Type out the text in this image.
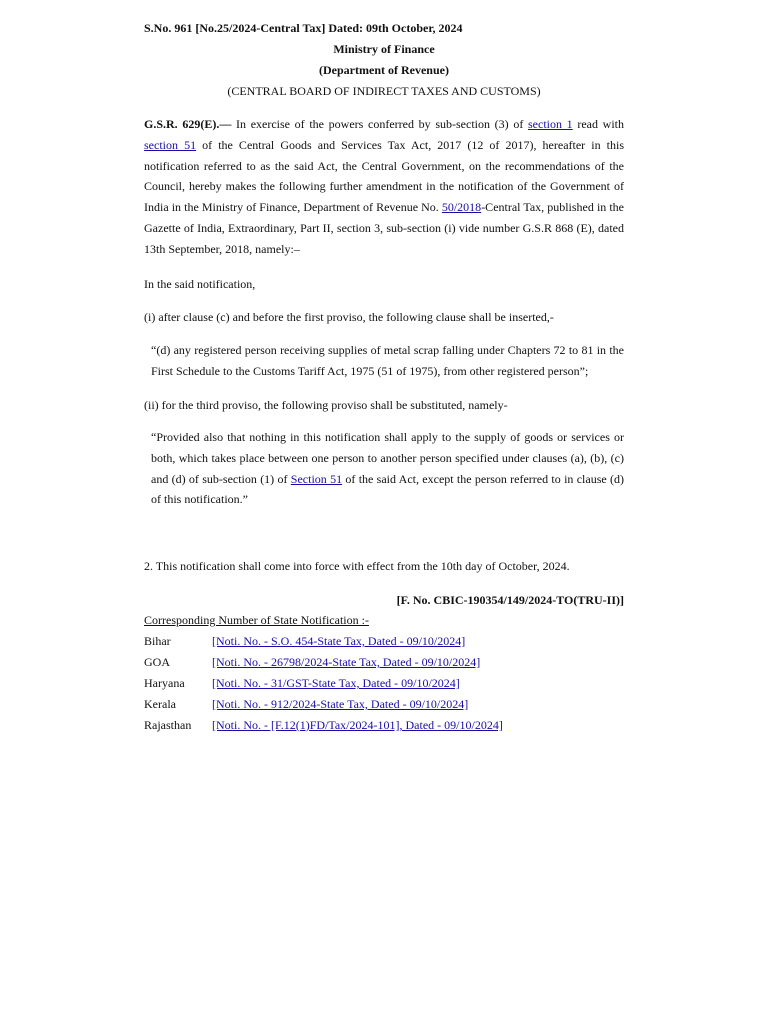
S.No. 961 [No.25/2024-Central Tax] Dated: 09th October, 2024
Ministry of Finance
(Department of Revenue)
(CENTRAL BOARD OF INDIRECT TAXES AND CUSTOMS)
G.S.R. 629(E).— In exercise of the powers conferred by sub-section (3) of section 1 read with section 51 of the Central Goods and Services Tax Act, 2017 (12 of 2017), hereafter in this notification referred to as the said Act, the Central Government, on the recommendations of the Council, hereby makes the following further amendment in the notification of the Government of India in the Ministry of Finance, Department of Revenue No. 50/2018-Central Tax, published in the Gazette of India, Extraordinary, Part II, section 3, sub-section (i) vide number G.S.R 868 (E), dated 13th September, 2018, namely:–
In the said notification,
(i) after clause (c) and before the first proviso, the following clause shall be inserted,-
“(d) any registered person receiving supplies of metal scrap falling under Chapters 72 to 81 in the First Schedule to the Customs Tariff Act, 1975 (51 of 1975), from other registered person”;
(ii) for the third proviso, the following proviso shall be substituted, namely-
“Provided also that nothing in this notification shall apply to the supply of goods or services or both, which takes place between one person to another person specified under clauses (a), (b), (c) and (d) of sub-section (1) of Section 51 of the said Act, except the person referred to in clause (d) of this notification.”
2. This notification shall come into force with effect from the 10th day of October, 2024.
[F. No. CBIC-190354/149/2024-TO(TRU-II)]
Corresponding Number of State Notification :-
Bihar	[Noti. No. - S.O. 454-State Tax, Dated - 09/10/2024]
GOA	[Noti. No. - 26798/2024-State Tax, Dated - 09/10/2024]
Haryana	[Noti. No. - 31/GST-State Tax, Dated - 09/10/2024]
Kerala	[Noti. No. - 912/2024-State Tax, Dated - 09/10/2024]
Rajasthan	[Noti. No. - [F.12(1)FD/Tax/2024-101], Dated - 09/10/2024]
